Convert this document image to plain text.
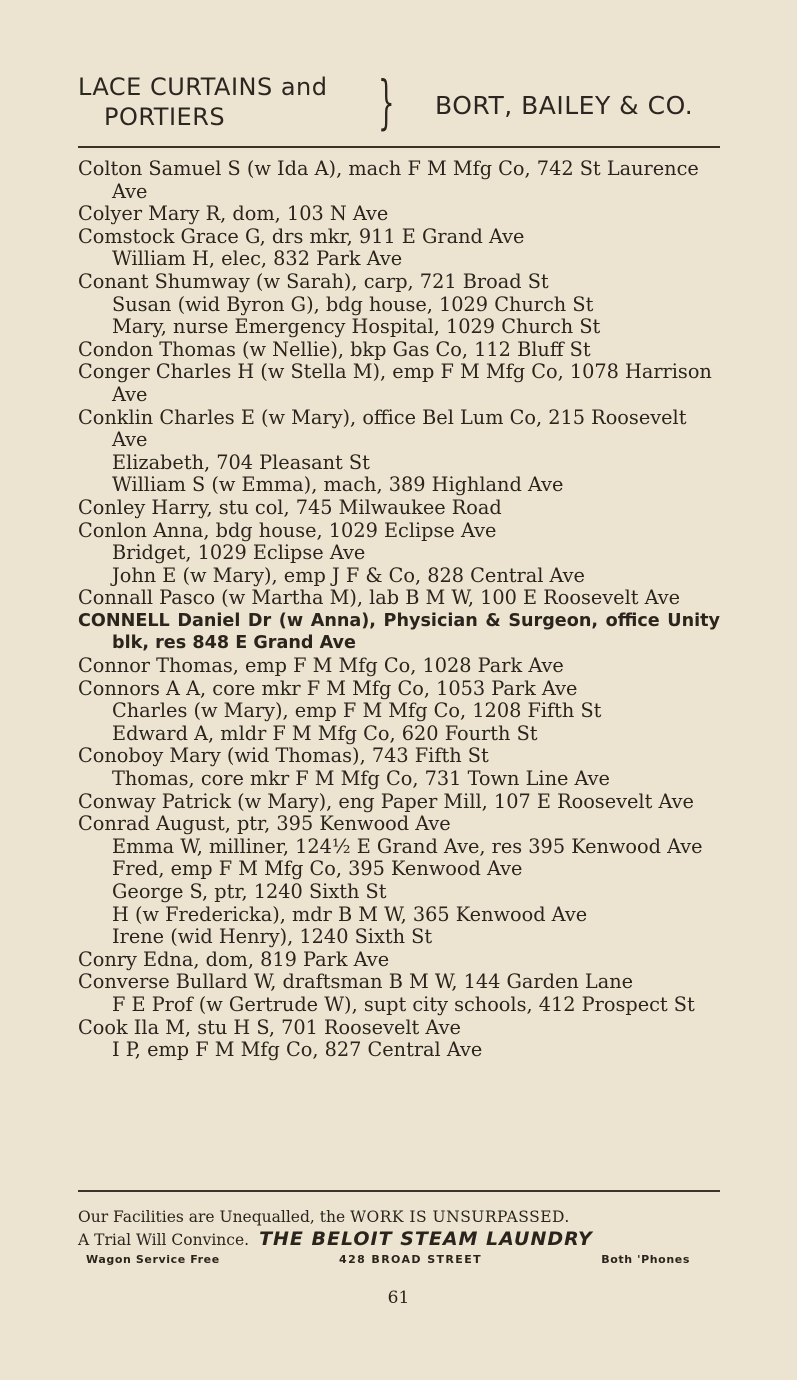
LACE CURTAINS and
PORTIERS	} BORT, BAILEY & CO.
Colton Samuel S (w Ida A), mach F M Mfg Co, 742 St Laurence Ave
Colyer Mary R, dom, 103 N Ave
Comstock Grace G, drs mkr, 911 E Grand Ave
William H, elec, 832 Park Ave
Conant Shumway (w Sarah), carp, 721 Broad St
Susan (wid Byron G), bdg house, 1029 Church St
Mary, nurse Emergency Hospital, 1029 Church St
Condon Thomas (w Nellie), bkp Gas Co, 112 Bluff St
Conger Charles H (w Stella M), emp F M Mfg Co, 1078 Harrison Ave
Conklin Charles E (w Mary), office Bel Lum Co, 215 Roosevelt Ave
Elizabeth, 704 Pleasant St
William S (w Emma), mach, 389 Highland Ave
Conley Harry, stu col, 745 Milwaukee Road
Conlon Anna, bdg house, 1029 Eclipse Ave
Bridget, 1029 Eclipse Ave
John E (w Mary), emp J F & Co, 828 Central Ave
Connall Pasco (w Martha M), lab B M W, 100 E Roosevelt Ave
CONNELL Daniel Dr (w Anna), Physician & Surgeon, office Unity blk, res 848 E Grand Ave
Connor Thomas, emp F M Mfg Co, 1028 Park Ave
Connors A A, core mkr F M Mfg Co, 1053 Park Ave
Charles (w Mary), emp F M Mfg Co, 1208 Fifth St
Edward A, mldr F M Mfg Co, 620 Fourth St
Conoboy Mary (wid Thomas), 743 Fifth St
Thomas, core mkr F M Mfg Co, 731 Town Line Ave
Conway Patrick (w Mary), eng Paper Mill, 107 E Roosevelt Ave
Conrad August, ptr, 395 Kenwood Ave
Emma W, milliner, 124½ E Grand Ave, res 395 Kenwood Ave
Fred, emp F M Mfg Co, 395 Kenwood Ave
George S, ptr, 1240 Sixth St
H (w Fredericka), mdr B M W, 365 Kenwood Ave
Irene (wid Henry), 1240 Sixth St
Conry Edna, dom, 819 Park Ave
Converse Bullard W, draftsman B M W, 144 Garden Lane
F E Prof (w Gertrude W), supt city schools, 412 Prospect St
Cook Ila M, stu H S, 701 Roosevelt Ave
I P, emp F M Mfg Co, 827 Central Ave
Our Facilities are Unequalled, the WORK IS UNSURPASSED.
A Trial Will Convince. THE BELOIT STEAM LAUNDRY
Wagon Service Free	428 BROAD STREET	Both 'Phones
61
